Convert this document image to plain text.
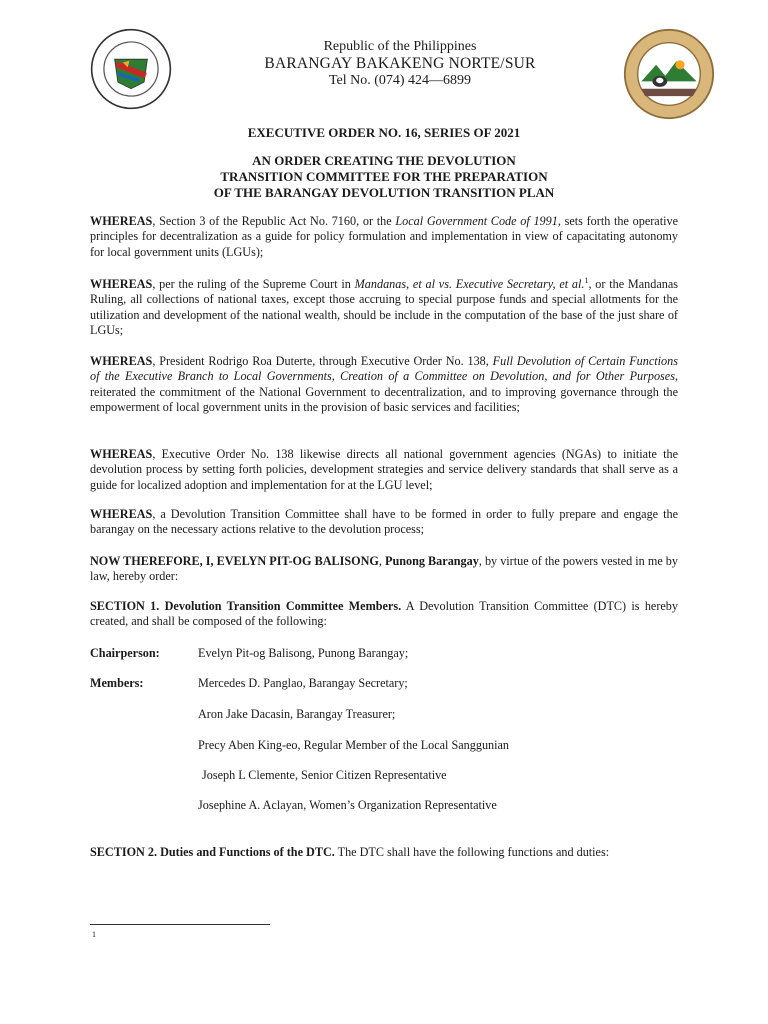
Republic of the Philippines
BARANGAY BAKAKENG NORTE/SUR
Tel No. (074) 424—6899
EXECUTIVE ORDER NO. 16, SERIES OF 2021
AN ORDER CREATING THE DEVOLUTION
TRANSITION COMMITTEE FOR THE PREPARATION
OF THE BARANGAY DEVOLUTION TRANSITION PLAN
WHEREAS, Section 3 of the Republic Act No. 7160, or the Local Government Code of 1991, sets forth the operative principles for decentralization as a guide for policy formulation and implementation in view of capacitating autonomy for local government units (LGUs);
WHEREAS, per the ruling of the Supreme Court in Mandanas, et al vs. Executive Secretary, et al.$^1$, or the Mandanas Ruling, all collections of national taxes, except those accruing to special purpose funds and special allotments for the utilization and development of the national wealth, should be include in the computation of the base of the just share of LGUs;
WHEREAS, President Rodrigo Roa Duterte, through Executive Order No. 138, Full Devolution of Certain Functions of the Executive Branch to Local Governments, Creation of a Committee on Devolution, and for Other Purposes, reiterated the commitment of the National Government to decentralization, and to improving governance through the empowerment of local government units in the provision of basic services and facilities;
WHEREAS, Executive Order No. 138 likewise directs all national government agencies (NGAs) to initiate the devolution process by setting forth policies, development strategies and service delivery standards that shall serve as a guide for localized adoption and implementation for at the LGU level;
WHEREAS, a Devolution Transition Committee shall have to be formed in order to fully prepare and engage the barangay on the necessary actions relative to the devolution process;
NOW THEREFORE, I, EVELYN PIT-OG BALISONG, Punong Barangay, by virtue of the powers vested in me by law, hereby order:
SECTION 1. Devolution Transition Committee Members. A Devolution Transition Committee (DTC) is hereby created, and shall be composed of the following:
Chairperson:	Evelyn Pit-og Balisong, Punong Barangay;
Members:	Mercedes D. Panglao, Barangay Secretary;
Aron Jake Dacasin, Barangay Treasurer;
Precy Aben King-eo, Regular Member of the Local Sanggunian
Joseph L Clemente, Senior Citizen Representative
Josephine A. Aclayan, Women’s Organization Representative
SECTION 2. Duties and Functions of the DTC. The DTC shall have the following functions and duties:
1
